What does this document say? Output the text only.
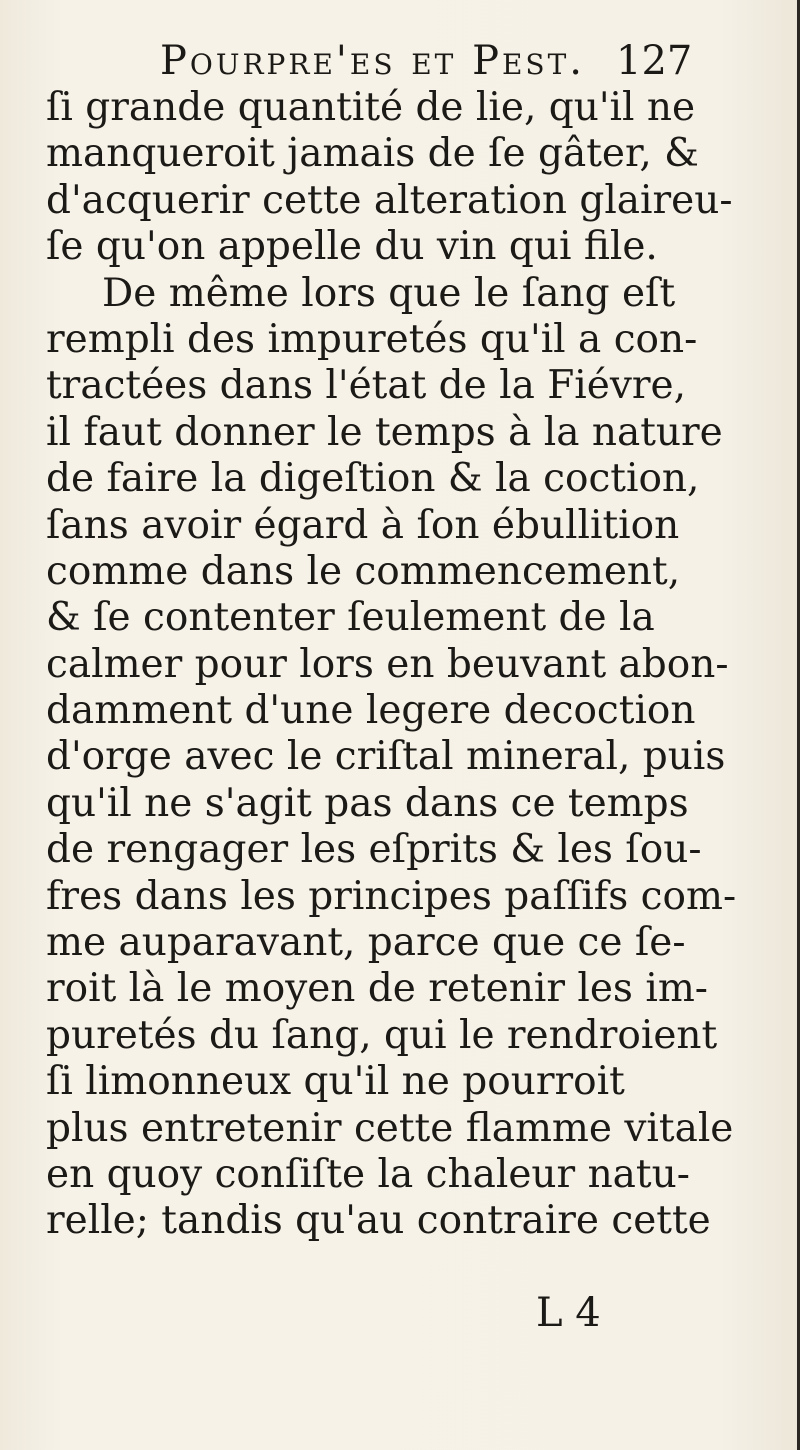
Pourpre'es et Pest. 127
ſi grande quantité de lie, qu'il ne
manqueroit jamais de ſe gâter, &
d'acquerir cette alteration glaireu-
ſe qu'on appelle du vin qui file.
De même lors que le ſang eſt
rempli des impuretés qu'il a con-
tractées dans l'état de la Fiévre,
il faut donner le temps à la nature
de faire la digeſtion & la coction,
ſans avoir égard à ſon ébullition
comme dans le commencement,
& ſe contenter ſeulement de la
calmer pour lors en beuvant abon-
damment d'une legere decoction
d'orge avec le criſtal mineral, puis
qu'il ne s'agit pas dans ce temps
de rengager les eſprits & les ſou-
fres dans les principes paſſifs com-
me auparavant, parce que ce ſe-
roit là le moyen de retenir les im-
puretés du ſang, qui le rendroient
ſi limonneux qu'il ne pourroit
plus entretenir cette flamme vitale
en quoy conſiſte la chaleur natu-
relle; tandis qu'au contraire cette
L 4
